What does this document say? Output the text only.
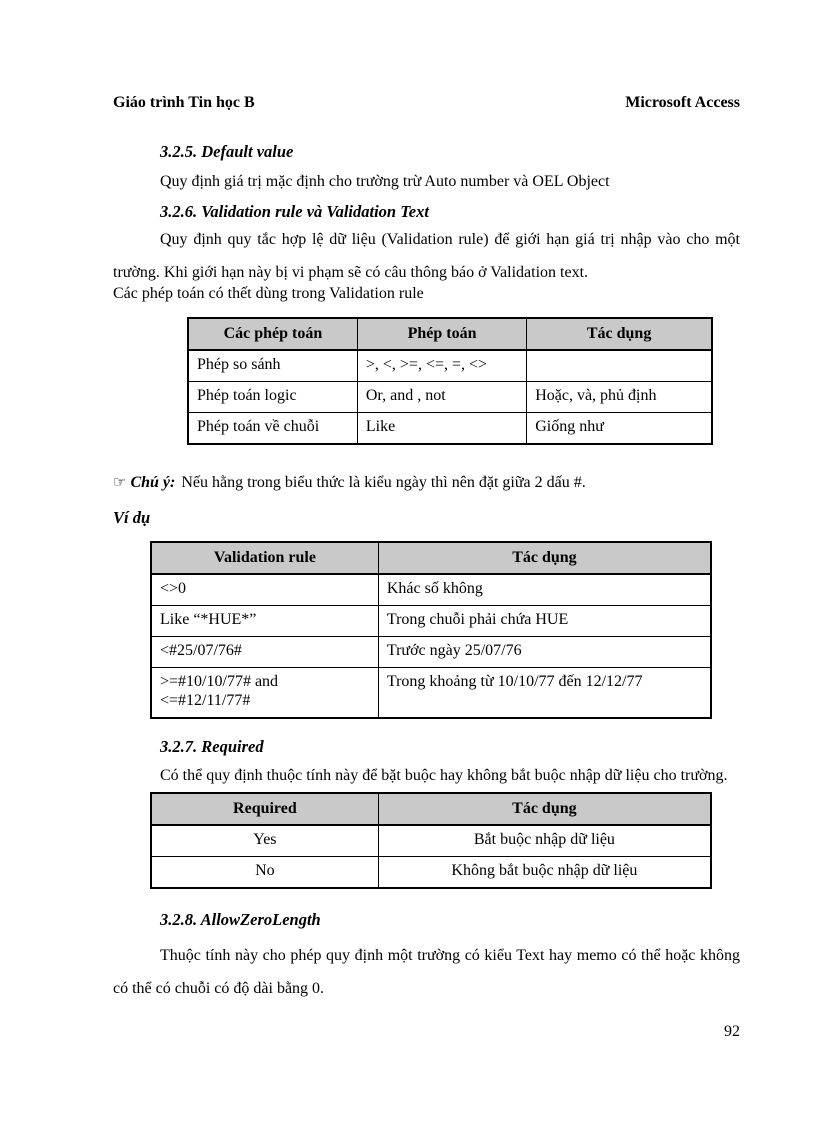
Giáo trình Tin học B	Microsoft Access

3.2.5. Default value

Quy định giá trị mặc định cho trường trừ Auto number và OEL Object

3.2.6. Validation rule và Validation Text

Quy định quy tắc hợp lệ dữ liệu (Validation rule) để giới hạn giá trị nhập vào cho một trường. Khi giới hạn này bị vi phạm sẽ có câu thông báo ở Validation text.

Các phép toán có thết dùng trong Validation rule

Các phép toán	Phép toán	Tác dụng
Phép so sánh	>, <, >=, <=, =, <>	
Phép toán logic	Or, and , not	Hoặc, và, phủ định
Phép toán về chuỗi	Like	Giống như

☞ Chú ý: Nếu hằng trong biểu thức là kiểu ngày thì nên đặt giữa 2 dấu #.

Ví dụ

Validation rule	Tác dụng
<>0	Khác số không
Like “*HUE*”	Trong chuỗi phải chứa HUE
<#25/07/76#	Trước ngày 25/07/76
>=#10/10/77# and <=#12/11/77#	Trong khoảng từ 10/10/77 đến 12/12/77

3.2.7. Required

Có thể quy định thuộc tính này để bặt buộc hay không bắt buộc nhập dữ liệu cho trường.

Required	Tác dụng
Yes	Bắt buộc nhập dữ liệu
No	Không bắt buộc nhập dữ liệu

3.2.8. AllowZeroLength

Thuộc tính này cho phép quy định một trường có kiểu Text hay memo có thể hoặc không có thể có chuỗi có độ dài bằng 0.

92
